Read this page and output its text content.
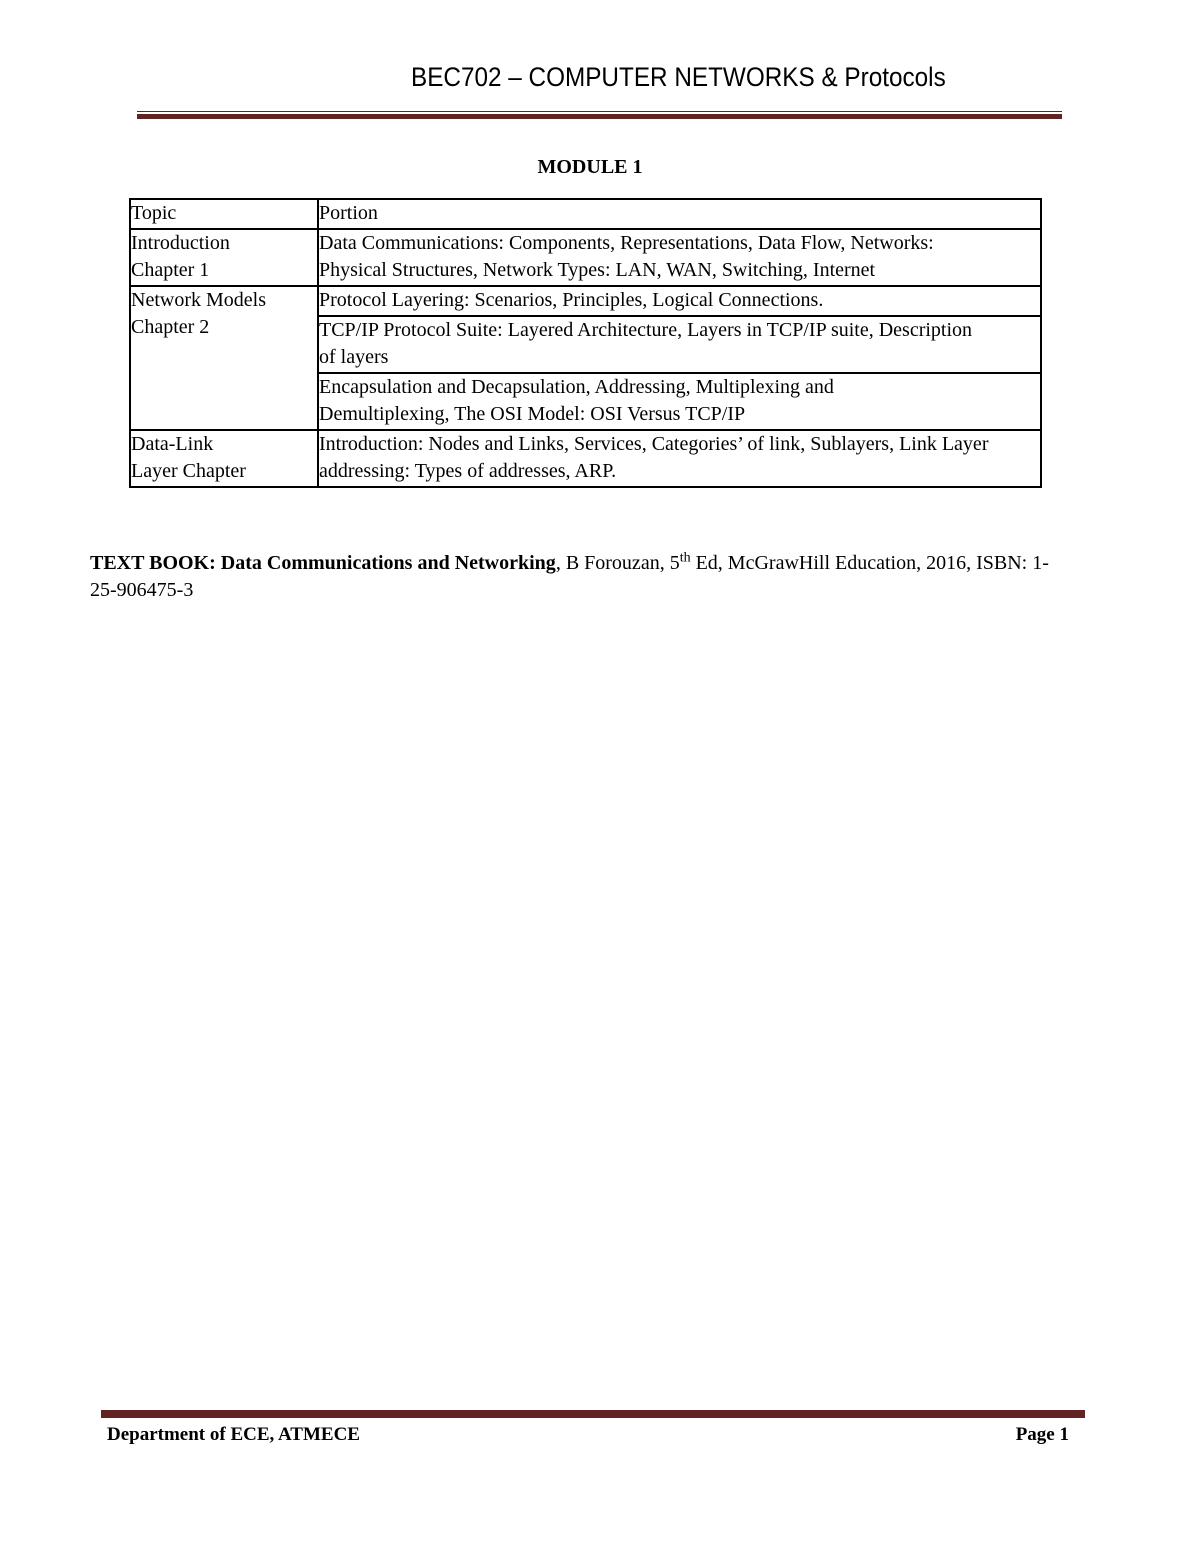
BEC702 – COMPUTER NETWORKS & Protocols
MODULE 1
Topic	Portion

Introduction
Chapter 1	Data Communications: Components, Representations, Data Flow, Networks: Physical Structures, Network Types: LAN, WAN, Switching, Internet

Network Models
Chapter 2	Protocol Layering: Scenarios, Principles, Logical Connections.
	TCP/IP Protocol Suite: Layered Architecture, Layers in TCP/IP suite, Description of layers
	Encapsulation and Decapsulation, Addressing, Multiplexing and Demultiplexing, The OSI Model: OSI Versus TCP/IP

Data-Link
Layer Chapter	Introduction: Nodes and Links, Services, Categories’ of link, Sublayers, Link Layer addressing: Types of addresses, ARP.
TEXT BOOK: Data Communications and Networking, B Forouzan, 5th Ed, McGrawHill Education, 2016, ISBN: 1-25-906475-3
Department of ECE, ATMECE	Page 1
